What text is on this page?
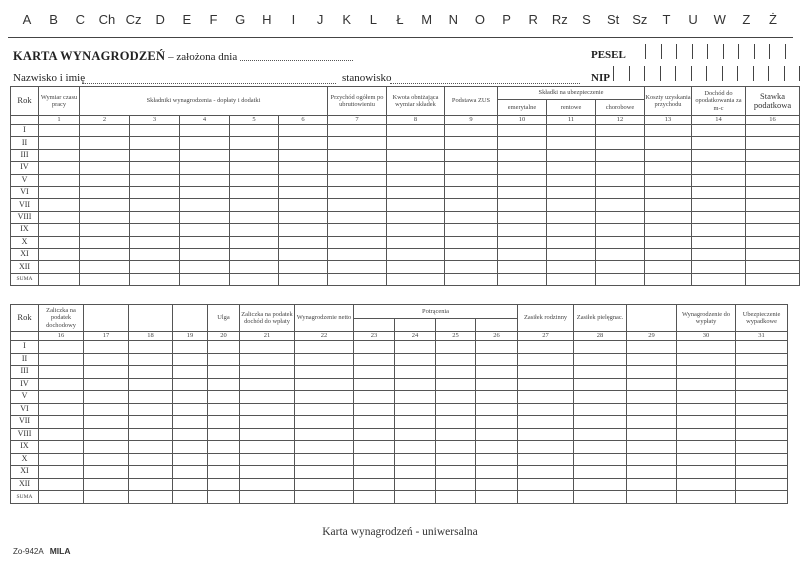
A B C Ch Cz D E F G H I J K L Ł M N O P R Rz S St Sz T U W Z Ż
KARTA WYNAGRODZEŃ – założona dnia	PESEL
Nazwisko i imię	stanowisko	NIP
Rok	Wymiar czasu pracy	Składniki wynagrodzenia - dopłaty i dodatki					Przychód ogółem po ubruttowieniu	Kwota obniżająca wymiar składek	Podstawa ZUS	Składki na ubezpieczenie			Koszty uzyskania przychodu	Dochód do opodatkowania za m-c	Stawka podatkowa
										emerytalne	rentowe	chorobowe			
	1	2	3	4	5	6	7	8	9	10	11	12	13	14	16
I															
II															
III															
IV															
V															
VI															
VII															
VIII															
IX															
X															
XI															
XII															
SUMA															
Rok	Zaliczka na podatek dochodowy				Ulga	Zaliczka na podatek dochód do wpłaty	Wynagrodzenie netto	Potrącenia				Zasiłek rodzinny	Zasiłek pielęgnac.		Wynagrodzenie do wypłaty	Ubezpieczenie wypadkowe

	16	17	18	19	20	21	22	23	24	25	26	27	28	29	30	31
I																
II																
III																
IV																
V																
VI																
VII																
VIII																
IX																
X																
XI																
XII																
SUMA																
Karta wynagrodzeń - uniwersalna
Zo-942A MILA
